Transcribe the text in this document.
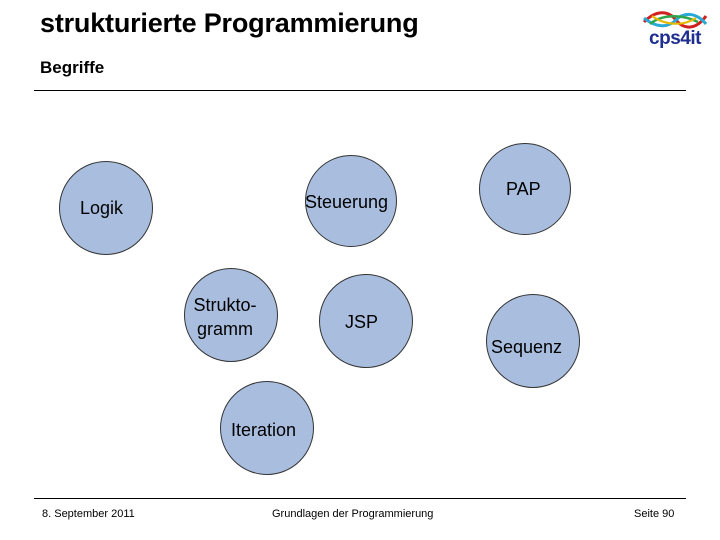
strukturierte Programmierung
Begriffe
cps4it
Logik	Steuerung
PAP
Strukto-
gramm	JSP
Sequenz
Iteration
8. September 2011	Grundlagen der Programmierung	Seite 90
